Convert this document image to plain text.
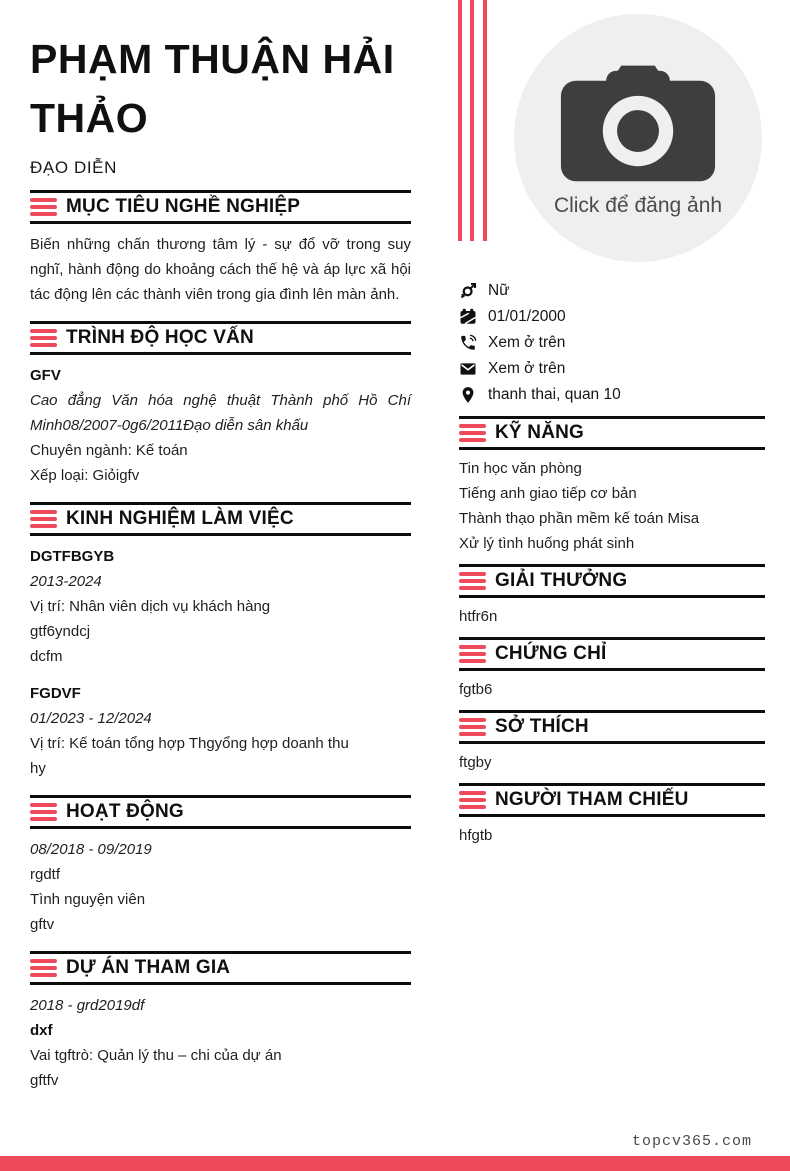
Click để đăng ảnh
PHẠM THUẬN HẢI THẢO
ĐẠO DIỄN
MỤC TIÊU NGHỀ NGHIỆP

Biến những chấn thương tâm lý - sự đổ vỡ trong suy nghĩ, hành động do khoảng cách thế hệ và áp lực xã hội tác động lên các thành viên trong gia đình lên màn ảnh.

TRÌNH ĐỘ HỌC VẤN

GFV

Cao đẳng Văn hóa nghệ thuật Thành phố Hồ Chí Minh08/2007-0g6/2011Đạo diễn sân khấu

Chuyên ngành: Kế toán

Xếp loại: Giỏigfv

KINH NGHIỆM LÀM VIỆC

DGTFBGYB

2013-2024

Vị trí: Nhân viên dịch vụ khách hàng

gtf6yndcj

dcfm

FGDVF

01/2023 - 12/2024

Vị trí: Kế toán tổng hợp Thgyổng hợp doanh thu

hy

HOẠT ĐỘNG

08/2018 - 09/2019

rgdtf

Tình nguyện viên

gftv

DỰ ÁN THAM GIA

2018 - grd2019df

dxf

Vai tgftrò: Quản lý thu – chi của dự án

gftfv

Nữ
01/01/2000
Xem ở trên
Xem ở trên
thanh thai, quan 10
KỸ NĂNG

Tin học văn phòng

Tiếng anh giao tiếp cơ bản

Thành thạo phần mềm kế toán Misa

Xử lý tình huống phát sinh

GIẢI THƯỞNG

htfr6n

CHỨNG CHỈ

fgtb6

SỞ THÍCH

ftgby

NGƯỜI THAM CHIẾU

hfgtb

topcv365.com
